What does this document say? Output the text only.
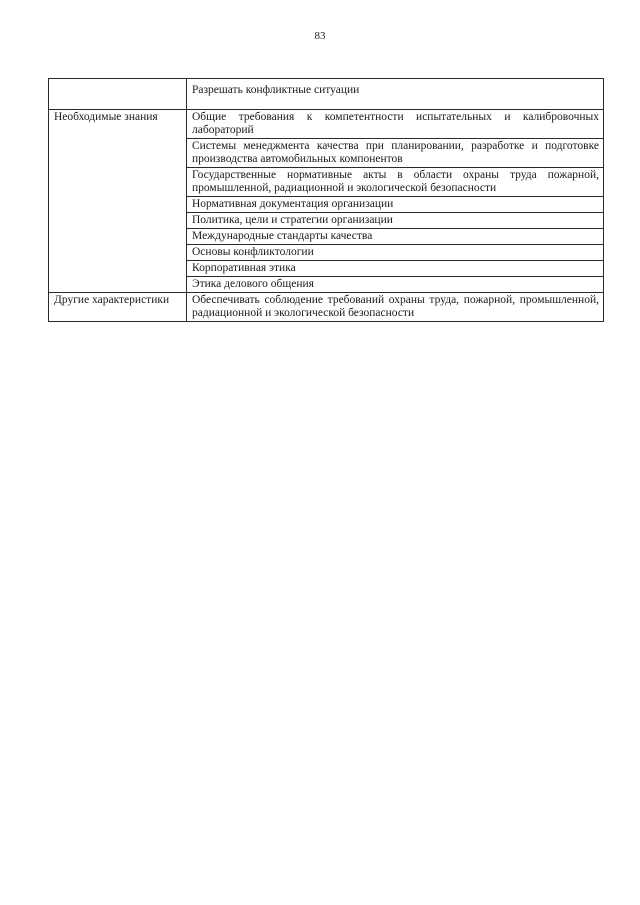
83
	Разрешать конфликтные ситуации
Необходимые знания	Общие требования к компетентности испытательных и калибровочных лабораторий
	Системы менеджмента качества при планировании, разработке и подготовке производства автомобильных компонентов
	Государственные нормативные акты в области охраны труда пожарной, промышленной, радиационной и экологической безопасности
	Нормативная документация организации
	Политика, цели и стратегии организации
	Международные стандарты качества
	Основы конфликтологии
	Корпоративная этика
	Этика делового общения
Другие характеристики	Обеспечивать соблюдение требований охраны труда, пожарной, промышленной, радиационной и экологической безопасности
